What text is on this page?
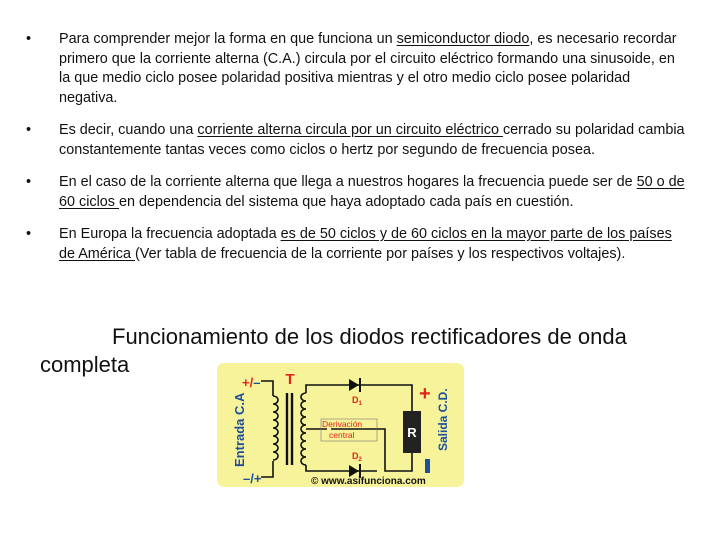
•	Para comprender mejor la forma en que funciona un semiconductor diodo, es necesario recordar primero que la corriente alterna (C.A.) circula por el circuito eléctrico formando una sinusoide, en la que medio ciclo posee polaridad positiva mientras y el otro medio ciclo posee polaridad negativa.
•	Es decir, cuando una corriente alterna circula por un circuito eléctrico cerrado su polaridad cambia constantemente tantas veces como ciclos o hertz por segundo de frecuencia posea.
•	En el caso de la corriente alterna que llega a nuestros hogares la frecuencia puede ser de 50 o de 60 ciclos en dependencia del sistema que haya adoptado cada país en cuestión.
•	En Europa la frecuencia adoptada es de 50 ciclos y de 60 ciclos en la mayor parte de los países de América (Ver tabla de frecuencia de la corriente por países y los respectivos voltajes).
Funcionamiento de los diodos rectificadores de onda completa
Entrada C.A
+/–
–/+
T
$D_1$
Derivación
central
$D_2$
R
+ Salida C.D.
© www.asifunciona.com
